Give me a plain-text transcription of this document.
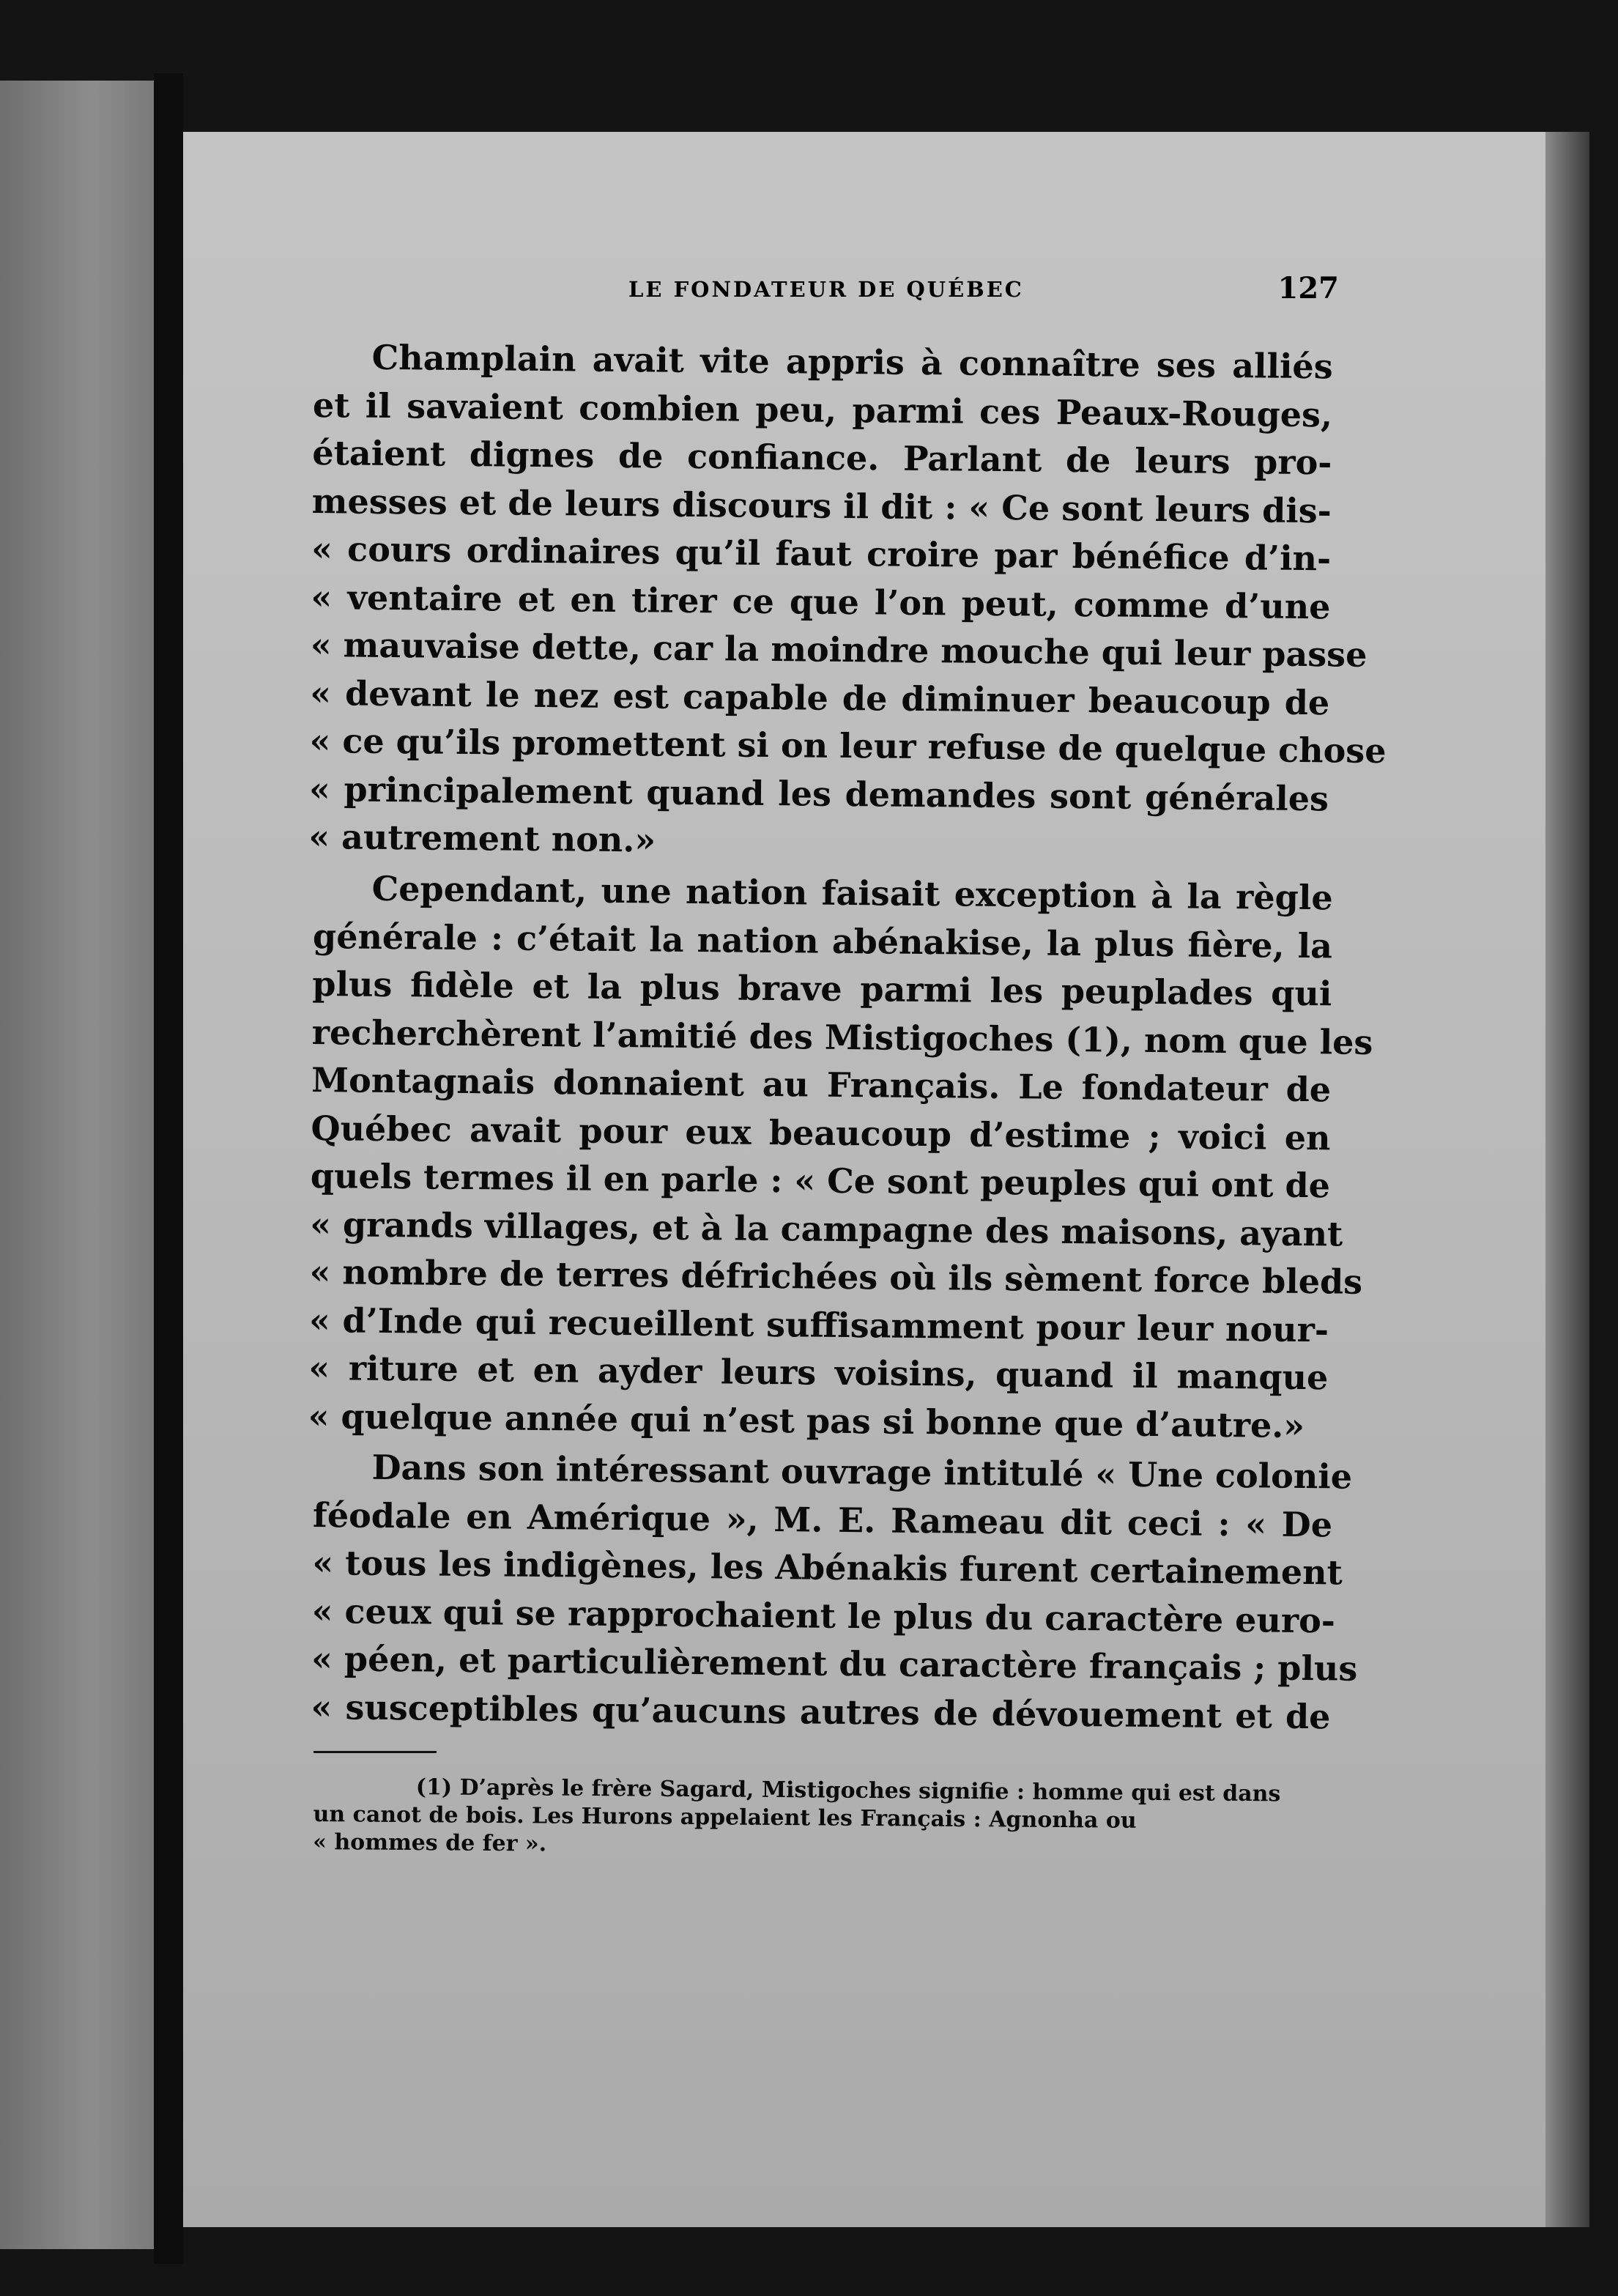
LE FONDATEUR DE QUÉBEC	127
Champlain avait vite appris à connaître ses alliés
et il savaient combien peu, parmi ces Peaux-Rouges,
étaient dignes de confiance. Parlant de leurs pro-
messes et de leurs discours il dit : « Ce sont leurs dis-
« cours ordinaires qu’il faut croire par bénéfice d’in-
« ventaire et en tirer ce que l’on peut, comme d’une
« mauvaise dette, car la moindre mouche qui leur passe
« devant le nez est capable de diminuer beaucoup de
« ce qu’ils promettent si on leur refuse de quelque chose
« principalement quand les demandes sont générales
« autrement non.»
Cependant, une nation faisait exception à la règle
générale : c’était la nation abénakise, la plus fière, la
plus fidèle et la plus brave parmi les peuplades qui
recherchèrent l’amitié des Mistigoches (1), nom que les
Montagnais donnaient au Français. Le fondateur de
Québec avait pour eux beaucoup d’estime ; voici en
quels termes il en parle : « Ce sont peuples qui ont de
« grands villages, et à la campagne des maisons, ayant
« nombre de terres défrichées où ils sèment force bleds
« d’Inde qui recueillent suffisamment pour leur nour-
« riture et en ayder leurs voisins, quand il manque
« quelque année qui n’est pas si bonne que d’autre.»
Dans son intéressant ouvrage intitulé « Une colonie
féodale en Amérique », M. E. Rameau dit ceci : « De
« tous les indigènes, les Abénakis furent certainement
« ceux qui se rapprochaient le plus du caractère euro-
« péen, et particulièrement du caractère français ; plus
« susceptibles qu’aucuns autres de dévouement et de
(1) D’après le frère Sagard, Mistigoches signifie : homme qui est dans
un canot de bois. Les Hurons appelaient les Français : Agnonha ou
« hommes de fer ».
